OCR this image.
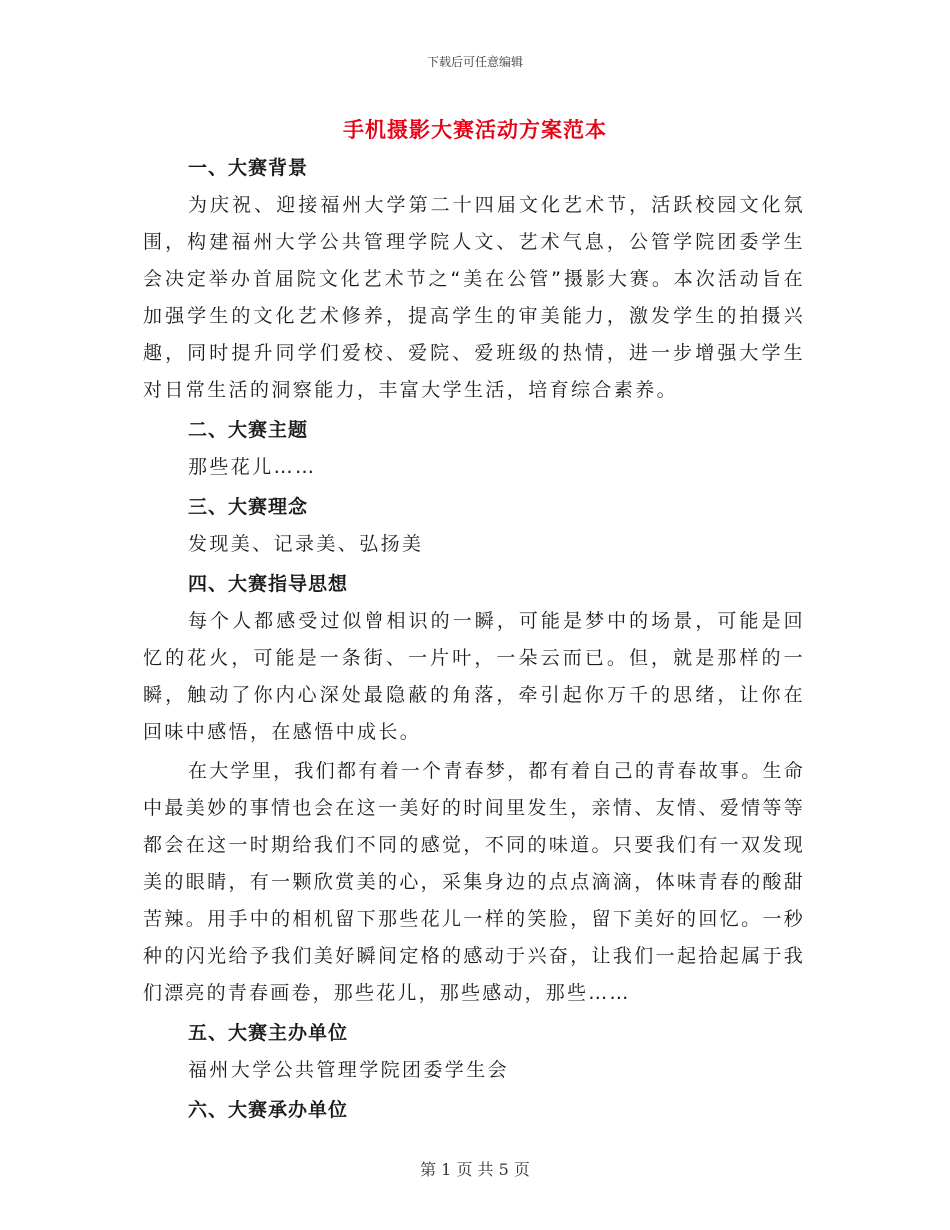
下载后可任意编辑
手机摄影大赛活动方案范本
一、大赛背景

为庆祝、迎接福州大学第二十四届文化艺术节，活跃校园文化氛围，构建福州大学公共管理学院人文、艺术气息，公管学院团委学生会决定举办首届院文化艺术节之“美在公管”摄影大赛。本次活动旨在加强学生的文化艺术修养，提高学生的审美能力，激发学生的拍摄兴趣，同时提升同学们爱校、爱院、爱班级的热情，进一步增强大学生对日常生活的洞察能力，丰富大学生活，培育综合素养。

二、大赛主题

那些花儿……

三、大赛理念

发现美、记录美、弘扬美

四、大赛指导思想

每个人都感受过似曾相识的一瞬，可能是梦中的场景，可能是回忆的花火，可能是一条街、一片叶，一朵云而已。但，就是那样的一瞬，触动了你内心深处最隐蔽的角落，牵引起你万千的思绪，让你在回味中感悟，在感悟中成长。

在大学里，我们都有着一个青春梦，都有着自己的青春故事。生命中最美妙的事情也会在这一美好的时间里发生，亲情、友情、爱情等等都会在这一时期给我们不同的感觉，不同的味道。只要我们有一双发现美的眼睛，有一颗欣赏美的心，采集身边的点点滴滴，体味青春的酸甜苦辣。用手中的相机留下那些花儿一样的笑脸，留下美好的回忆。一秒种的闪光给予我们美好瞬间定格的感动于兴奋，让我们一起拾起属于我们漂亮的青春画卷，那些花儿，那些感动，那些……

五、大赛主办单位

福州大学公共管理学院团委学生会

六、大赛承办单位
第 1 页 共 5 页
